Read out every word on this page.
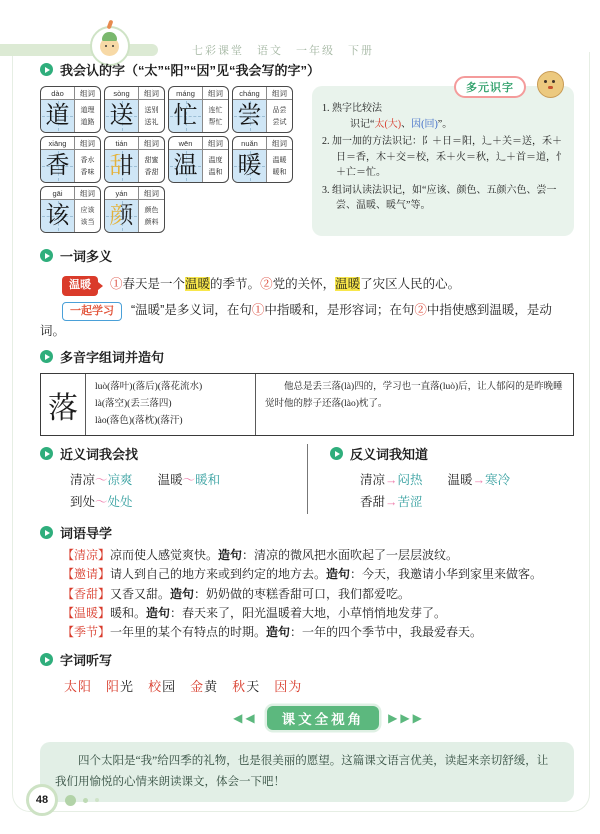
七彩课堂　语文　一年级　下册
我会认的字（“太”“阳”“因”见“我会写的字”）
dào	组词
道 道理
道路
sòng	组词
送 送别
送礼
máng	组词
忙 连忙
帮忙
cháng	组词
尝 品尝
尝试
xiāng	组词
香 香水
香味
tián	组词
甜 甜蜜
香甜
wēn	组词
温 温度
温和
nuǎn	组词
暖 温暖
暖和
gāi	组词
该 应该
该当
yán	组词
颜 颜色
颜料
多元识字
1. 熟字比较法
识记“太(大)、因(回)”。
2. 加一加的方法识记：阝＋日＝阳，辶＋关＝送，禾＋日＝香，木＋交＝校，禾＋火＝秋，辶＋首＝道，忄＋亡＝忙。
3. 组词认读法识记，如“应该、颜色、五颜六色、尝一尝、温暖、暖气”等。
一词多义

温暖 ①春天是一个温暖的季节。②党的关怀，温暖了灾区人民的心。

一起学习 “温暖”是多义词，在句①中指暖和，是形容词；在句②中指使感到温暖，是动词。

多音字组词并造句
落
luò(落叶)(落后)(落花流水)
là(落空)(丢三落四)
lào(落色)(落枕)(落汗)

他总是丢三落(là)四的，学习也一直落(luò)后，让人郁闷的是昨晚睡觉时他的脖子还落(lào)枕了。

近义词我会找
清凉～凉爽　　 温暖～暖和
到处～处处
反义词我知道
清凉→闷热　　 温暖→寒冷
香甜→苦涩
词语导学

【清凉】凉而使人感觉爽快。造句：清凉的微风把水面吹起了一层层波纹。

【邀请】请人到自己的地方来或到约定的地方去。造句：今天，我邀请小华到家里来做客。

【香甜】又香又甜。造句：奶奶做的枣糕香甜可口，我们都爱吃。

【温暖】暖和。造句：春天来了，阳光温暖着大地，小草悄悄地发芽了。

【季节】一年里的某个有特点的时期。造句：一年的四个季节中，我最爱春天。

字词听写
太阳　 阳光　 校园　 金黄　 秋天　 因为
◀◀	课文全视角	▶▶▶

四个太阳是“我”给四季的礼物，也是很美丽的愿望。这篇课文语言优美，读起来亲切舒缓，让我们用愉悦的心情来朗读课文，体会一下吧！

48
